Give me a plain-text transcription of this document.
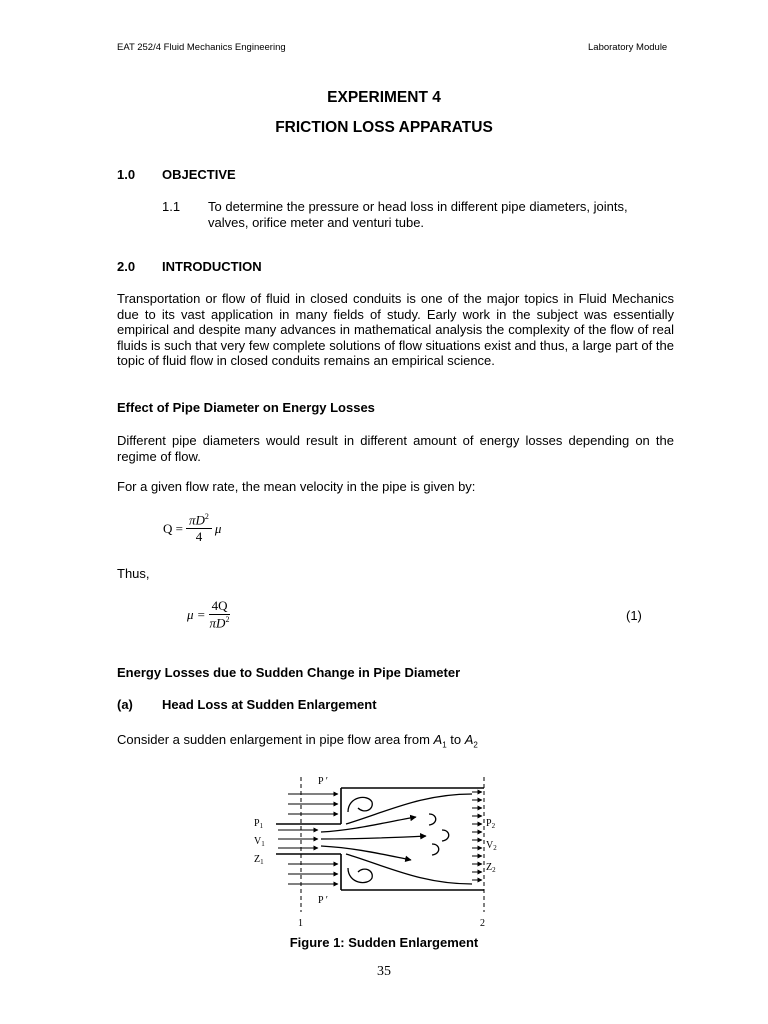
EAT 252/4 Fluid Mechanics Engineering	Laboratory Module
EXPERIMENT 4
FRICTION LOSS APPARATUS
1.0 OBJECTIVE
1.1 To determine the pressure or head loss in different pipe diameters, joints,
valves, orifice meter and venturi tube.
2.0 INTRODUCTION
Transportation or flow of fluid in closed conduits is one of the major topics in Fluid Mechanics due to its vast application in many fields of study. Early work in the subject was essentially empirical and despite many advances in mathematical analysis the complexity of the flow of real fluids is such that very few complete solutions of flow situations exist and thus, a large part of the topic of fluid flow in closed conduits remains an empirical science.
Effect of Pipe Diameter on Energy Losses
Different pipe diameters would result in different amount of energy losses depending on the regime of flow.
For a given flow rate, the mean velocity in the pipe is given by:
$Q = \frac{\pi D^2}{4}$ μ
Thus,
$\mu = \frac{4Q}{\pi D^2}$	(1)
Energy Losses due to Sudden Change in Pipe Diameter
(a) Head Loss at Sudden Enlargement
Consider a sudden enlargement in pipe flow area from $A_1$ to $A_2$
P ′
P ′
$P_1$
$V_1$
$Z_1$
$P_2$
$V_2$
$Z_2$
1	2
Figure 1: Sudden Enlargement
35
